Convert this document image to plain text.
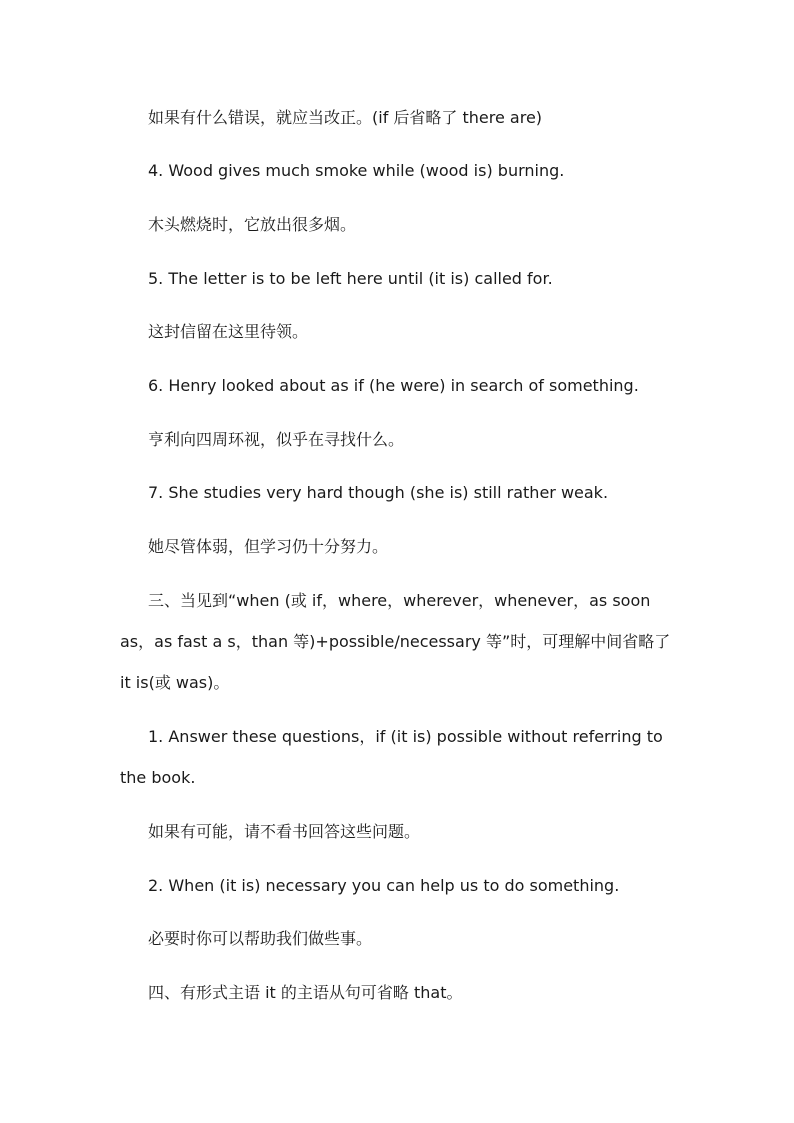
如果有什么错误，就应当改正。(if 后省略了 there are)
4. Wood gives much smoke while (wood is) burning.
木头燃烧时，它放出很多烟。
5. The letter is to be left here until (it is) called for.
这封信留在这里待领。
6. Henry looked about as if (he were) in search of something.
亨利向四周环视，似乎在寻找什么。
7. She studies very hard though (she is) still rather weak.
她尽管体弱，但学习仍十分努力。
三、当见到“when (或 if，where，wherever，whenever，as soon as，as fast a s，than 等)+possible/necessary 等”时，可理解中间省略了 it is(或 was)。
1. Answer these questions，if (it is) possible without referring to the book.
如果有可能，请不看书回答这些问题。
2. When (it is) necessary you can help us to do something.
必要时你可以帮助我们做些事。
四、有形式主语 it 的主语从句可省略 that。
